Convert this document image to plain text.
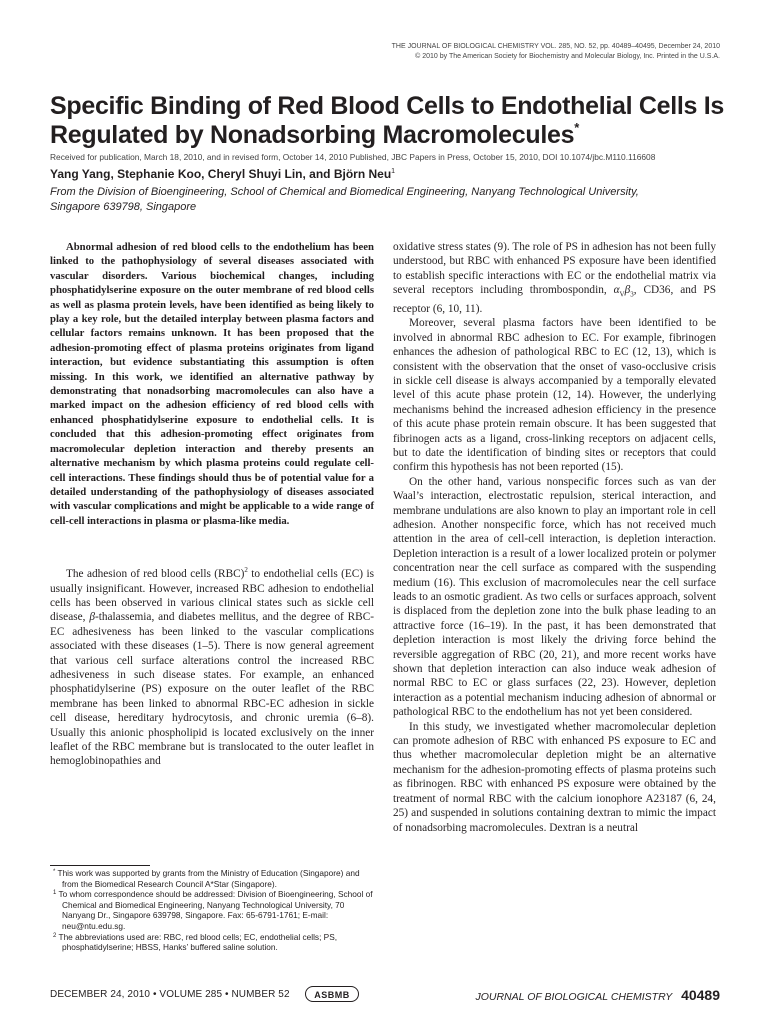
THE JOURNAL OF BIOLOGICAL CHEMISTRY VOL. 285, NO. 52, pp. 40489–40495, December 24, 2010
© 2010 by The American Society for Biochemistry and Molecular Biology, Inc. Printed in the U.S.A.
Specific Binding of Red Blood Cells to Endothelial Cells Is
Regulated by Nonadsorbing Macromolecules*
Received for publication, March 18, 2010, and in revised form, October 14, 2010 Published, JBC Papers in Press, October 15, 2010, DOI 10.1074/jbc.M110.116608
Yang Yang, Stephanie Koo, Cheryl Shuyi Lin, and Björn Neu$^1$
From the Division of Bioengineering, School of Chemical and Biomedical Engineering, Nanyang Technological University,
Singapore 639798, Singapore

Abnormal adhesion of red blood cells to the endothelium has been linked to the pathophysiology of several diseases associated with vascular disorders. Various biochemical changes, including phosphatidylserine exposure on the outer membrane of red blood cells as well as plasma protein levels, have been identified as being likely to play a key role, but the detailed interplay between plasma factors and cellular factors remains unknown. It has been proposed that the adhesion-promoting effect of plasma proteins originates from ligand interaction, but evidence substantiating this assumption is often missing. In this work, we identified an alternative pathway by demonstrating that nonadsorbing macromolecules can also have a marked impact on the adhesion efficiency of red blood cells with enhanced phosphatidylserine exposure to endothelial cells. It is concluded that this adhesion-promoting effect originates from macromolecular depletion interaction and thereby presents an alternative mechanism by which plasma proteins could regulate cell-cell interactions. These findings should thus be of potential value for a detailed understanding of the pathophysiology of diseases associated with vascular complications and might be applicable to a wide range of cell-cell interactions in plasma or plasma-like media.

The adhesion of red blood cells (RBC)$^2$ to endothelial cells (EC) is usually insignificant. However, increased RBC adhesion to endothelial cells has been observed in various clinical states such as sickle cell disease, β-thalassemia, and diabetes mellitus, and the degree of RBC-EC adhesiveness has been linked to the vascular complications associated with these diseases (1–5). There is now general agreement that various cell surface alterations control the increased RBC adhesiveness in such disease states. For example, an enhanced phosphatidylserine (PS) exposure on the outer leaflet of the RBC membrane has been linked to abnormal RBC-EC adhesion in sickle cell disease, hereditary hydrocytosis, and chronic uremia (6–8). Usually this anionic phospholipid is located exclusively on the inner leaflet of the RBC membrane but is translocated to the outer leaflet in hemoglobinopathies and

oxidative stress states (9). The role of PS in adhesion has not been fully understood, but RBC with enhanced PS exposure have been identified to establish specific interactions with EC or the endothelial matrix via several receptors including thrombospondin, $\alpha_V\beta_3$, CD36, and PS receptor (6, 10, 11).

Moreover, several plasma factors have been identified to be involved in abnormal RBC adhesion to EC. For example, fibrinogen enhances the adhesion of pathological RBC to EC (12, 13), which is consistent with the observation that the onset of vaso-occlusive crisis in sickle cell disease is always accompanied by a temporally elevated level of this acute phase protein (12, 14). However, the underlying mechanisms behind the increased adhesion efficiency in the presence of this acute phase protein remain obscure. It has been suggested that fibrinogen acts as a ligand, cross-linking receptors on adjacent cells, but to date the identification of binding sites or receptors that could confirm this hypothesis has not been reported (15).

On the other hand, various nonspecific forces such as van der Waal’s interaction, electrostatic repulsion, sterical interaction, and membrane undulations are also known to play an important role in cell adhesion. Another nonspecific force, which has not received much attention in the area of cell-cell interaction, is depletion interaction. Depletion interaction is a result of a lower localized protein or polymer concentration near the cell surface as compared with the suspending medium (16). This exclusion of macromolecules near the cell surface leads to an osmotic gradient. As two cells or surfaces approach, solvent is displaced from the depletion zone into the bulk phase leading to an attractive force (16–19). In the past, it has been demonstrated that depletion interaction is most likely the driving force behind the reversible aggregation of RBC (20, 21), and more recent works have shown that depletion interaction can also induce weak adhesion of normal RBC to EC or glass surfaces (22, 23). However, depletion interaction as a potential mechanism inducing adhesion of abnormal or pathological RBC to the endothelium has not yet been considered.

In this study, we investigated whether macromolecular depletion can promote adhesion of RBC with enhanced PS exposure to EC and thus whether macromolecular depletion might be an alternative mechanism for the adhesion-promoting effects of plasma proteins such as fibrinogen. RBC with enhanced PS exposure were obtained by the treatment of normal RBC with the calcium ionophore A23187 (6, 24, 25) and suspended in solutions containing dextran to mimic the impact of nonadsorbing macromolecules. Dextran is a neutral

* This work was supported by grants from the Ministry of Education (Singapore) and from the Biomedical Research Council A*Star (Singapore).

$^1$ To whom correspondence should be addressed: Division of Bioengineering, School of Chemical and Biomedical Engineering, Nanyang Technological University, 70 Nanyang Dr., Singapore 639798, Singapore. Fax: 65-6791-1761; E-mail: neu@ntu.edu.sg.

$^2$ The abbreviations used are: RBC, red blood cells; EC, endothelial cells; PS, phosphatidylserine; HBSS, Hanks’ buffered saline solution.

DECEMBER 24, 2010 • VOLUME 285 • NUMBER 52	ASBMB	JOURNAL OF BIOLOGICAL CHEMISTRY 40489
